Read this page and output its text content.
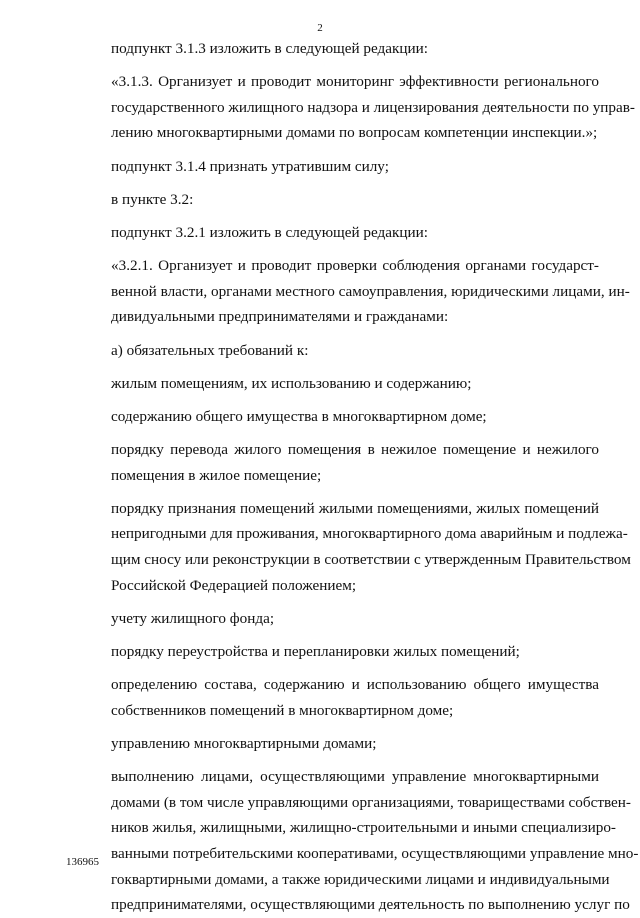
2

подпункт 3.1.3 изложить в следующей редакции:

«3.1.3. Организует и проводит мониторинг эффективности регионального
государственного жилищного надзора и лицензирования деятельности по управ-
лению многоквартирными домами по вопросам компетенции инспекции.»;

подпункт 3.1.4 признать утратившим силу;

в пункте 3.2:

подпункт 3.2.1 изложить в следующей редакции:

«3.2.1. Организует и проводит проверки соблюдения органами государст-
венной власти, органами местного самоуправления, юридическими лицами, ин-
дивидуальными предпринимателями и гражданами:

а) обязательных требований к:

жилым помещениям, их использованию и содержанию;

содержанию общего имущества в многоквартирном доме;

порядку перевода жилого помещения в нежилое помещение и нежилого
помещения в жилое помещение;

порядку признания помещений жилыми помещениями, жилых помещений
непригодными для проживания, многоквартирного дома аварийным и подлежа-
щим сносу или реконструкции в соответствии с утвержденным Правительством
Российской Федерацией положением;

учету жилищного фонда;

порядку переустройства и перепланировки жилых помещений;

определению состава, содержанию и использованию общего имущества
собственников помещений в многоквартирном доме;

управлению многоквартирными домами;

выполнению лицами, осуществляющими управление многоквартирными
домами (в том числе управляющими организациями, товариществами собствен-
ников жилья, жилищными, жилищно-строительными и иными специализиро-
ванными потребительскими кооперативами, осуществляющими управление мно-
гоквартирными домами, а также юридическими лицами и индивидуальными
предпринимателями, осуществляющими деятельность по выполнению услуг по

136965
